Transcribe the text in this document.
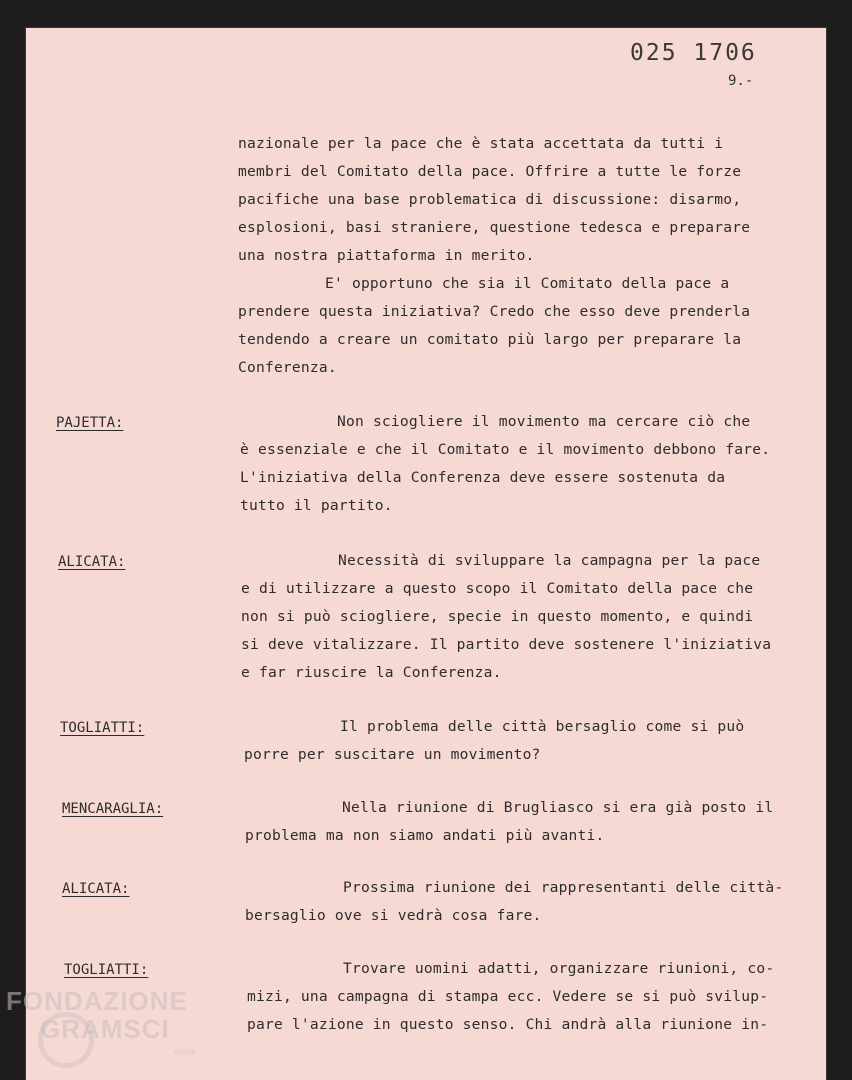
025 1706
9.-
nazionale per la pace che è stata accettata da tutti i
membri del Comitato della pace. Offrire a tutte le forze
pacifiche una base problematica di discussione: disarmo,
esplosioni, basi straniere, questione tedesca e preparare
una nostra piattaforma in merito.
E' opportuno che sia il Comitato della pace a
prendere questa iniziativa? Credo che esso deve prenderla
tendendo a creare un comitato più largo per preparare la
Conferenza.
PAJETTA:	Non sciogliere il movimento ma cercare ciò che
è essenziale e che il Comitato e il movimento debbono fare.
L'iniziativa della Conferenza deve essere sostenuta da
tutto il partito.
ALICATA:	Necessità di sviluppare la campagna per la pace
e di utilizzare a questo scopo il Comitato della pace che
non si può sciogliere, specie in questo momento, e quindi
si deve vitalizzare. Il partito deve sostenere l'iniziativa
e far riuscire la Conferenza.
TOGLIATTI:	Il problema delle città bersaglio come si può
porre per suscitare un movimento?
MENCARAGLIA:	Nella riunione di Brugliasco si era già posto il
problema ma non siamo andati più avanti.
ALICATA:	Prossima riunione dei rappresentanti delle città-
bersaglio ove si vedrà cosa fare.
TOGLIATTI:	Trovare uomini adatti, organizzare riunioni, co-
mizi, una campagna di stampa ecc. Vedere se si può svilup-
pare l'azione in questo senso. Chi andrà alla riunione in-
FONDAZIONE
GRAMSCI
onlus
